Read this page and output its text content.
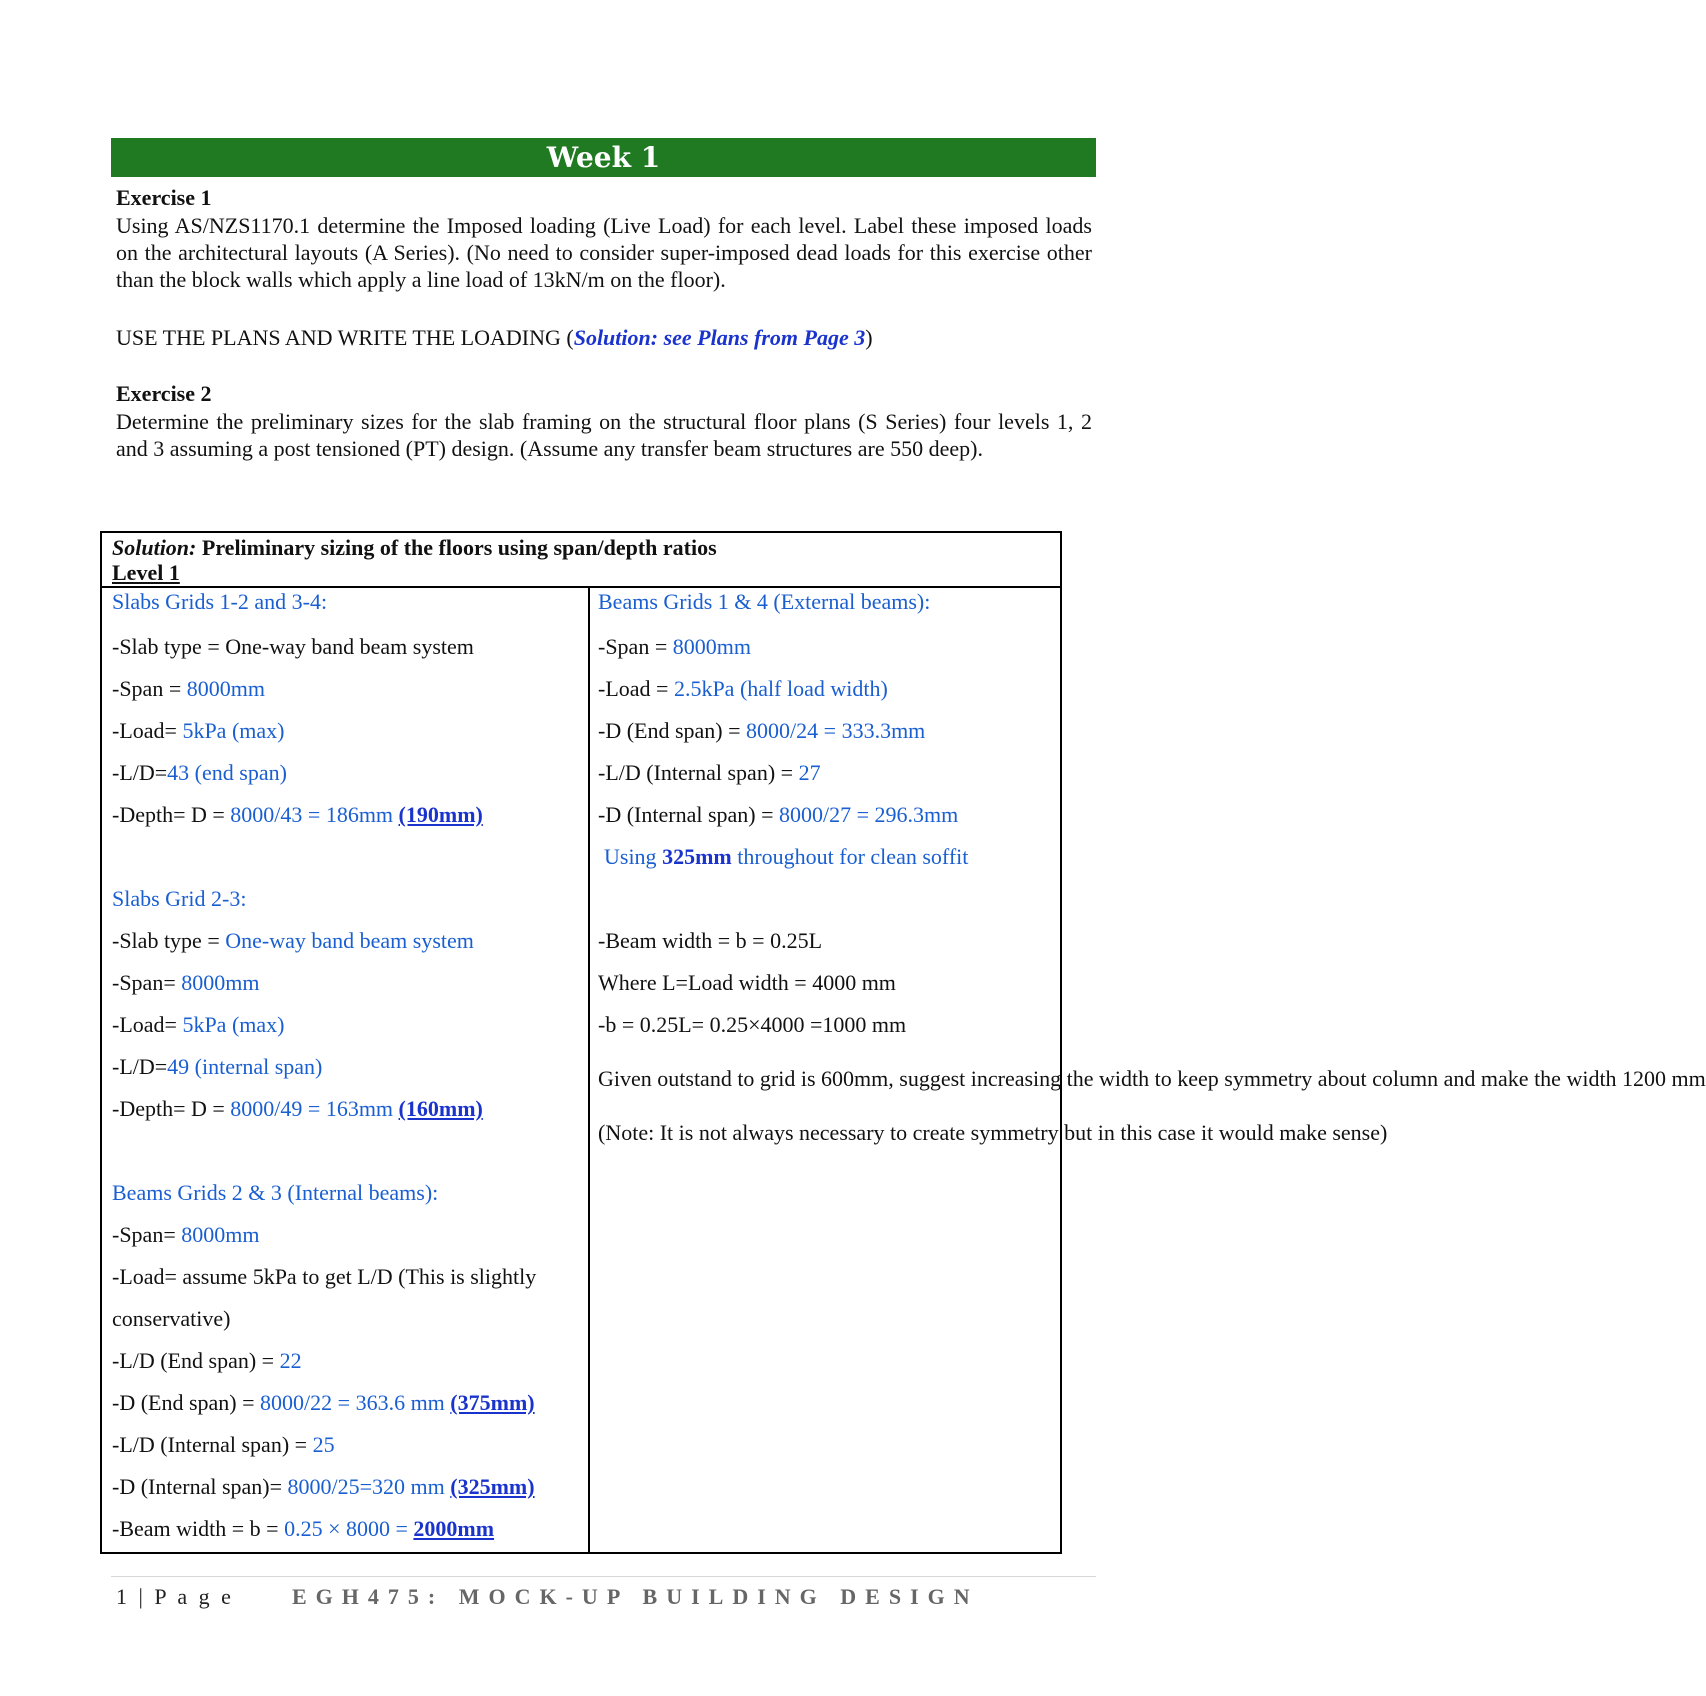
Week 1
Exercise 1
Using AS/NZS1170.1 determine the Imposed loading (Live Load) for each level. Label these imposed loads on the architectural layouts (A Series). (No need to consider super-imposed dead loads for this exercise other than the block walls which apply a line load of 13kN/m on the floor).
USE THE PLANS AND WRITE THE LOADING (Solution: see Plans from Page 3)
Exercise 2
Determine the preliminary sizes for the slab framing on the structural floor plans (S Series) four levels 1, 2 and 3 assuming a post tensioned (PT) design. (Assume any transfer beam structures are 550 deep).
Solution: Preliminary sizing of the floors using span/depth ratios
Level 1

Slabs Grids 1-2 and 3-4:

-Slab type = One-way band beam system

-Span = 8000mm

-Load= 5kPa (max)

-L/D=43 (end span)

-Depth= D = 8000/43 = 186mm (190mm)

Slabs Grid 2-3:

-Slab type = One-way band beam system

-Span= 8000mm

-Load= 5kPa (max)

-L/D=49 (internal span)

-Depth= D = 8000/49 = 163mm (160mm)

Beams Grids 2 & 3 (Internal beams):

-Span= 8000mm

-Load= assume 5kPa to get L/D (This is slightly

conservative)

-L/D (End span) = 22

-D (End span) = 8000/22 = 363.6 mm (375mm)

-L/D (Internal span) = 25

-D (Internal span)= 8000/25=320 mm (325mm)

-Beam width = b = 0.25 × 8000 = 2000mm

Beams Grids 1 & 4 (External beams):

-Span = 8000mm

-Load = 2.5kPa (half load width)

-D (End span) = 8000/24 = 333.3mm

-L/D (Internal span) = 27

-D (Internal span) = 8000/27 = 296.3mm

Using 325mm throughout for clean soffit

-Beam width = b = 0.25L

Where L=Load width = 4000 mm

-b = 0.25L= 0.25×4000 =1000 mm

Given outstand to grid is 600mm, suggest increasing the width to keep symmetry about column and make the width 1200 mm

(Note: It is not always necessary to create symmetry but in this case it would make sense)

1 | P a g e	EGH475: MOCK-UP BUILDING DESIGN
